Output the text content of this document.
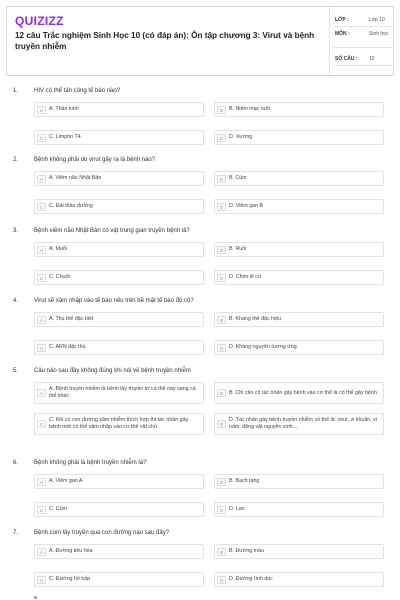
QUIZIZZ
12 câu Trắc nghiệm Sinh Học 10 (có đáp án): Ôn tập chương 3: Virut và bệnh truyền nhiễm
LỚP :	Lớp 10
MÔN :	Sinh học
SỐ CÂU : 12
1.	HIV có thể tấn công tế bào nào?
A	A. Thần kinh	B	B. Niêm mạc ruột
C	C. Limpho T4	D	D. Xương
2.	Bệnh không phải do virut gây ra là bệnh nào?
A	A. Viêm não Nhật Bản	B	B. Cúm
C	C. Đái tháo đường	D	D. Viêm gan B
3.	Bệnh viêm não Nhật Bản có vật trung gian truyền bệnh là?
A	A. Muỗi	B	B. Ruồi
C	C. Chuột	D	D. Chim di cư
4.	Virut sẽ xâm nhập vào tế bào nếu trên bề mặt tế bào đó có?
A	A. Thụ thể đặc biệt	B	B. Kháng thể đặc hiệu
C	C. ARN đặc thù	D	D. Kháng nguyên tương ứng
5.	Câu nào sau đây không đúng khi nói về bệnh truyền nhiễm
A
A. Bệnh truyền nhiễm là bệnh lây truyền từ cá thể này sang cá thể khác	B	B. Chỉ cần có tác nhân gây bệnh vào cơ thể là có thể gây bệnh
C
C. Khi có con đường xâm nhiễm thích hợp thì tác nhân gây bệnh mới có thể xâm nhập vào cơ thể vật chủ	D
D. Tác nhân gây bệnh truyền nhiễm có thể là: virut, vi khuẩn, vi nấm, động vật nguyên sinh...
6.	Bệnh không phải là bệnh truyền nhiễm là?
A	A. Viêm gan A	B	B. Bạch tạng
C	C. Cúm	D	D. Lao
7.	Bệnh cúm lây truyền qua con đường nào sau đây?
A	A. Đường tiêu hóa	B	B. Đường máu
C	C. Đường hô hấp	D	D. Đường tình dục
